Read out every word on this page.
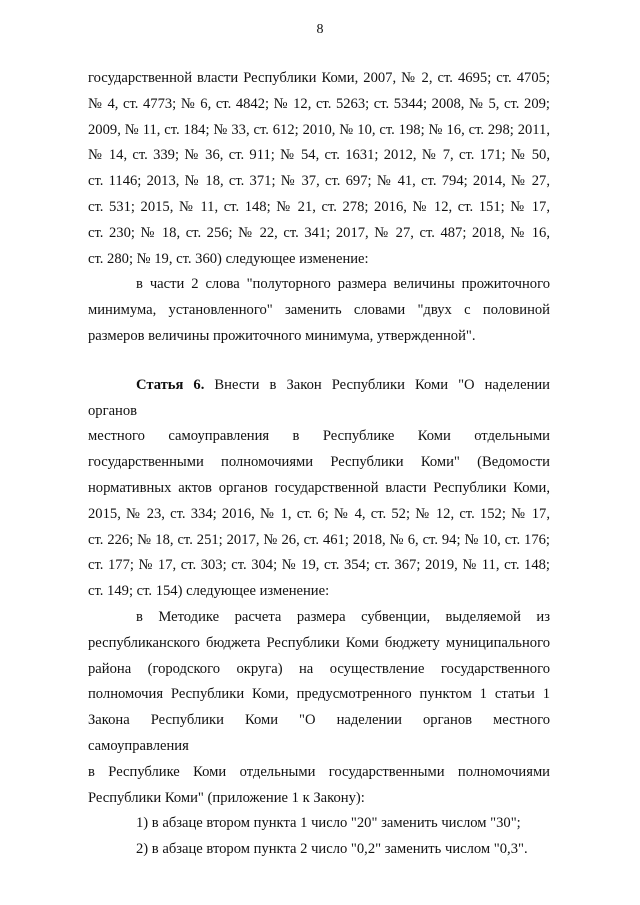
8

государственной власти Республики Коми, 2007, № 2, ст. 4695; ст. 4705;

№ 4, ст. 4773; № 6, ст. 4842; № 12, ст. 5263; ст. 5344; 2008, № 5, ст. 209;

2009, № 11, ст. 184; № 33, ст. 612; 2010, № 10, ст. 198; № 16, ст. 298; 2011,

№ 14, ст. 339; № 36, ст. 911; № 54, ст. 1631; 2012, № 7, ст. 171; № 50,

ст. 1146; 2013, № 18, ст. 371; № 37, ст. 697; № 41, ст. 794; 2014, № 27,

ст. 531; 2015, № 11, ст. 148; № 21, ст. 278; 2016, № 12, ст. 151; № 17,

ст. 230; № 18, ст. 256; № 22, ст. 341; 2017, № 27, ст. 487; 2018, № 16,

ст. 280; № 19, ст. 360) следующее изменение:

в части 2 слова "полуторного размера величины прожиточного

минимума, установленного" заменить словами "двух с половиной

размеров величины прожиточного минимума, утвержденной".

Статья 6. Внести в Закон Республики Коми "О наделении органов

местного самоуправления в Республике Коми отдельными

государственными полномочиями Республики Коми" (Ведомости

нормативных актов органов государственной власти Республики Коми,

2015, № 23, ст. 334; 2016, № 1, ст. 6; № 4, ст. 52; № 12, ст. 152; № 17,

ст. 226; № 18, ст. 251; 2017, № 26, ст. 461; 2018, № 6, ст. 94; № 10, ст. 176;

ст. 177; № 17, ст. 303; ст. 304; № 19, ст. 354; ст. 367; 2019, № 11, ст. 148;

ст. 149; ст. 154) следующее изменение:

в Методике расчета размера субвенции, выделяемой из

республиканского бюджета Республики Коми бюджету муниципального

района (городского округа) на осуществление государственного

полномочия Республики Коми, предусмотренного пунктом 1 статьи 1

Закона Республики Коми "О наделении органов местного самоуправления

в Республике Коми отдельными государственными полномочиями

Республики Коми" (приложение 1 к Закону):

1) в абзаце втором пункта 1 число "20" заменить числом "30";

2) в абзаце втором пункта 2 число "0,2" заменить числом "0,3".
